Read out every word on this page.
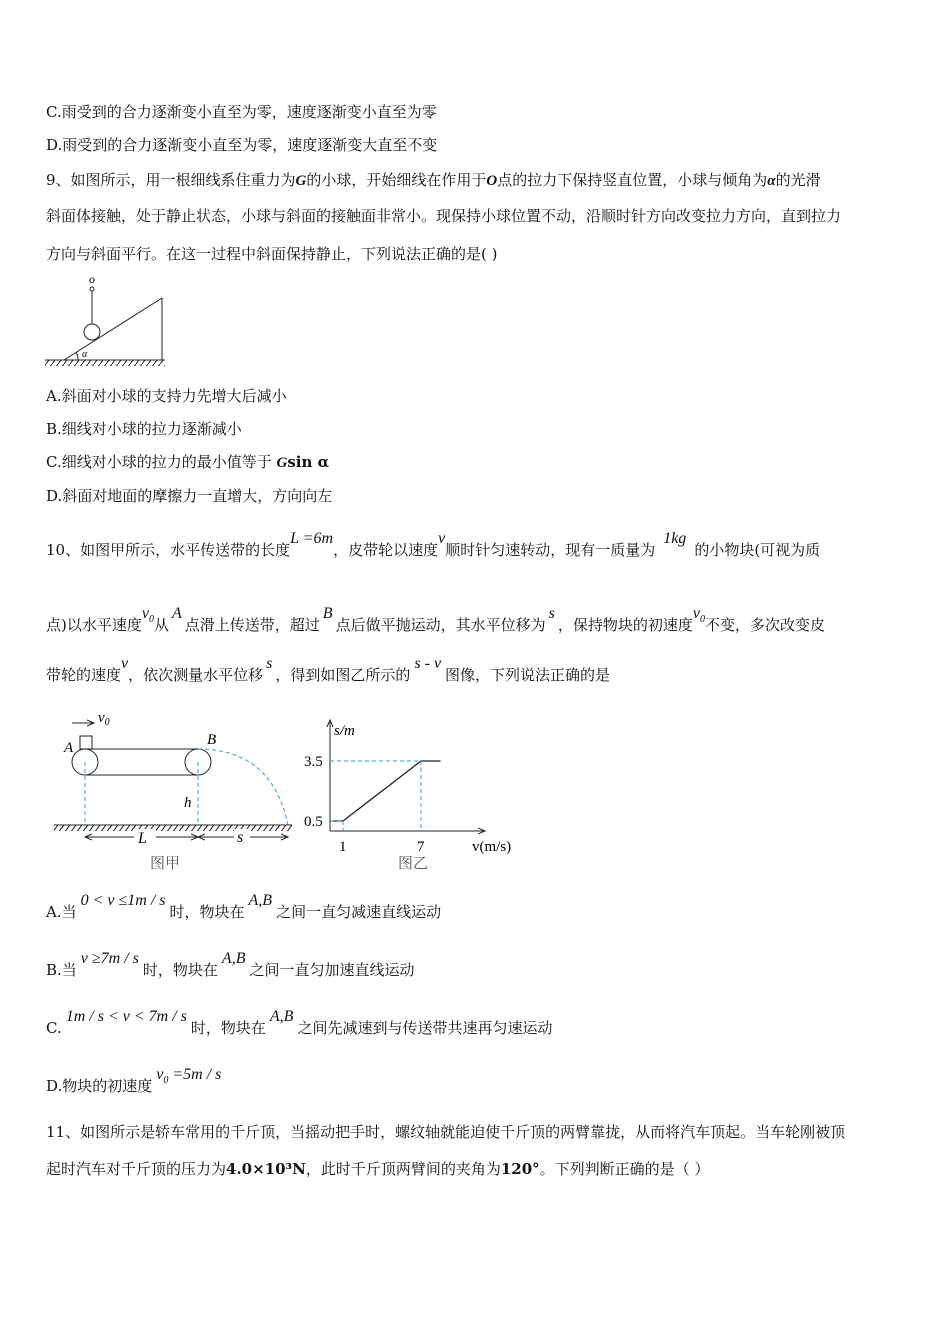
C.雨受到的合力逐渐变小直至为零，速度逐渐变小直至为零
D.雨受到的合力逐渐变小直至为零，速度逐渐变大直至不变
9、如图所示，用一根细线系住重力为G的小球，开始细线在作用于O点的拉力下保持竖直位置，小球与倾角为α的光滑
斜面体接触，处于静止状态，小球与斜面的接触面非常小。现保持小球位置不动，沿顺时针方向改变拉力方向，直到拉力
方向与斜面平行。在这一过程中斜面保持静止，下列说法正确的是( )
o
α
A.斜面对小球的支持力先增大后减小
B.细线对小球的拉力逐渐减小
C.细线对小球的拉力的最小值等于 Gsin α
D.斜面对地面的摩擦力一直增大，方向向左
10、如图甲所示，水平传送带的长度L =6m，皮带轮以速度v顺时针匀速转动，现有一质量为1kg的小物块(可视为质
点)以水平速度$v_0$从A点滑上传送带，超过B点后做平抛运动，其水平位移为s，保持物块的初速度$v_0$不变，多次改变皮
带轮的速度v，依次测量水平位移s，得到如图乙所示的s - v图像，下列说法正确的是
$v_0$
A	B
h
L	s
图甲
s/m
v(m/s)
图乙
3.5
0.5
1	7
A.当0 < v ≤1m / s时，物块在A,B之间一直匀减速直线运动
B.当v ≥7m / s时，物块在A,B之间一直匀加速直线运动
C.1m / s < v < 7m / s时，物块在A,B之间先减速到与传送带共速再匀速运动
D.物块的初速度$v_0 =5m / s$
11、如图所示是轿车常用的千斤顶，当摇动把手时，螺纹轴就能迫使千斤顶的两臂靠拢，从而将汽车顶起。当车轮刚被顶
起时汽车对千斤顶的压力为4.0×10³N，此时千斤顶两臂间的夹角为120°。下列判断正确的是（ ）
